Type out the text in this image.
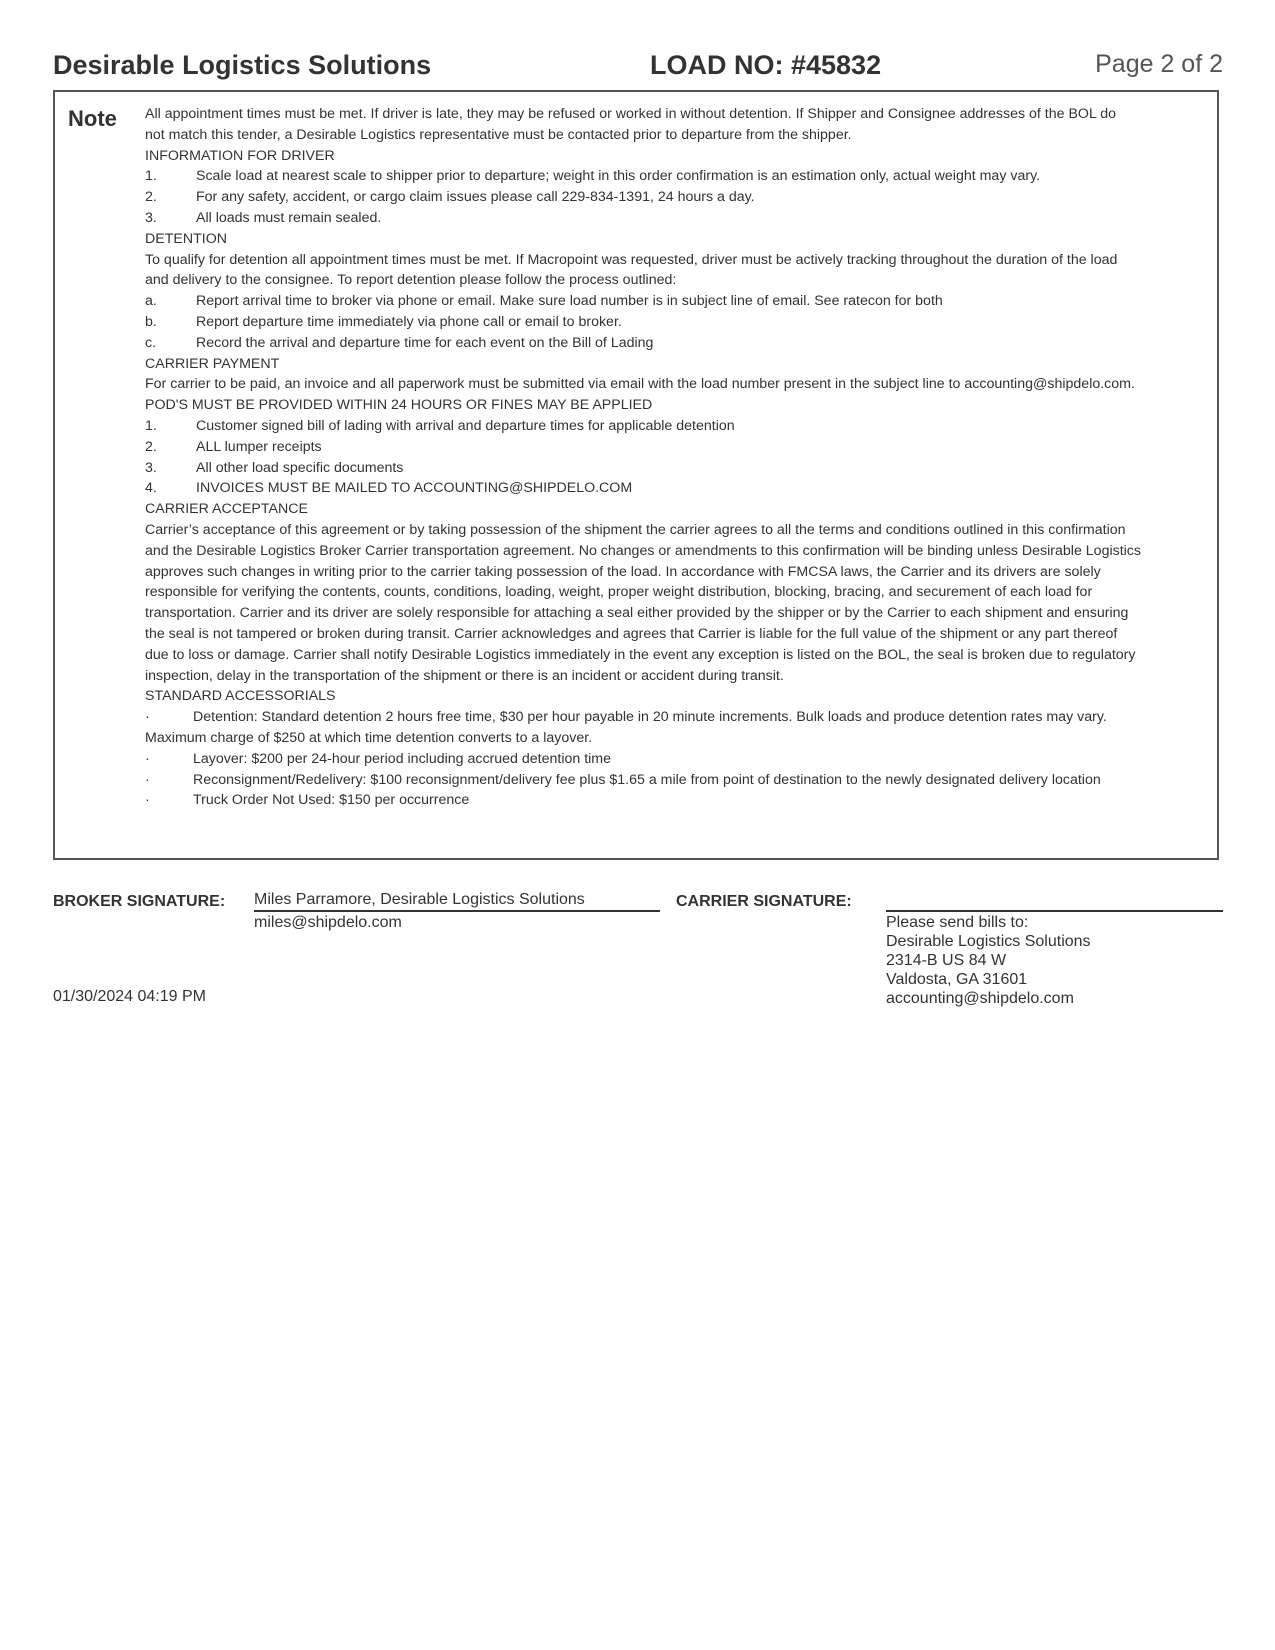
Desirable Logistics Solutions	LOAD NO: #45832	Page 2 of 2
Note All appointment times must be met. If driver is late, they may be refused or worked in without detention. If Shipper and Consignee addresses of the BOL do
not match this tender, a Desirable Logistics representative must be contacted prior to departure from the shipper.
INFORMATION FOR DRIVER
1.	Scale load at nearest scale to shipper prior to departure; weight in this order confirmation is an estimation only, actual weight may vary.
2.	For any safety, accident, or cargo claim issues please call 229-834-1391, 24 hours a day.
3.	All loads must remain sealed.
DETENTION
To qualify for detention all appointment times must be met. If Macropoint was requested, driver must be actively tracking throughout the duration of the load
and delivery to the consignee. To report detention please follow the process outlined:
a.	Report arrival time to broker via phone or email. Make sure load number is in subject line of email. See ratecon for both
b.	Report departure time immediately via phone call or email to broker.
c.	Record the arrival and departure time for each event on the Bill of Lading
CARRIER PAYMENT
For carrier to be paid, an invoice and all paperwork must be submitted via email with the load number present in the subject line to accounting@shipdelo.com.
POD'S MUST BE PROVIDED WITHIN 24 HOURS OR FINES MAY BE APPLIED
1.	Customer signed bill of lading with arrival and departure times for applicable detention
2.	ALL lumper receipts
3.	All other load specific documents
4.	INVOICES MUST BE MAILED TO ACCOUNTING@SHIPDELO.COM
CARRIER ACCEPTANCE
Carrier’s acceptance of this agreement or by taking possession of the shipment the carrier agrees to all the terms and conditions outlined in this confirmation
and the Desirable Logistics Broker Carrier transportation agreement. No changes or amendments to this confirmation will be binding unless Desirable Logistics
approves such changes in writing prior to the carrier taking possession of the load. In accordance with FMCSA laws, the Carrier and its drivers are solely
responsible for verifying the contents, counts, conditions, loading, weight, proper weight distribution, blocking, bracing, and securement of each load for
transportation. Carrier and its driver are solely responsible for attaching a seal either provided by the shipper or by the Carrier to each shipment and ensuring
the seal is not tampered or broken during transit. Carrier acknowledges and agrees that Carrier is liable for the full value of the shipment or any part thereof
due to loss or damage. Carrier shall notify Desirable Logistics immediately in the event any exception is listed on the BOL, the seal is broken due to regulatory
inspection, delay in the transportation of the shipment or there is an incident or accident during transit.
STANDARD ACCESSORIALS
·	Detention: Standard detention 2 hours free time, $30 per hour payable in 20 minute increments. Bulk loads and produce detention rates may vary.
Maximum charge of $250 at which time detention converts to a layover.
·	Layover: $200 per 24-hour period including accrued detention time
·	Reconsignment/Redelivery: $100 reconsignment/delivery fee plus $1.65 a mile from point of destination to the newly designated delivery location
·	Truck Order Not Used: $150 per occurrence
BROKER SIGNATURE: Miles Parramore, Desirable Logistics Solutions
miles@shipdelo.com
CARRIER SIGNATURE:
Please send bills to:
Desirable Logistics Solutions
2314-B US 84 W
Valdosta, GA 31601
accounting@shipdelo.com
01/30/2024 04:19 PM
